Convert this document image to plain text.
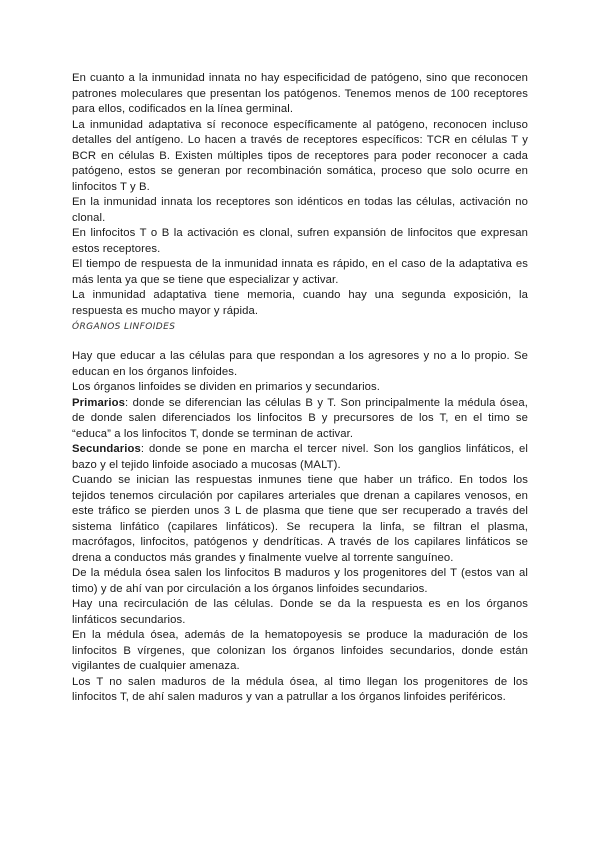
En cuanto a la inmunidad innata no hay especificidad de patógeno, sino que reconocen patrones moleculares que presentan los patógenos. Tenemos menos de 100 receptores para ellos, codificados en la línea germinal.

La inmunidad adaptativa sí reconoce específicamente al patógeno, reconocen incluso detalles del antígeno. Lo hacen a través de receptores específicos: TCR en células T y BCR en células B. Existen múltiples tipos de receptores para poder reconocer a cada patógeno, estos se generan por recombinación somática, proceso que solo ocurre en linfocitos T y B.

En la inmunidad innata los receptores son idénticos en todas las células, activación no clonal.

En linfocitos T o B la activación es clonal, sufren expansión de linfocitos que expresan estos receptores.

El tiempo de respuesta de la inmunidad innata es rápido, en el caso de la adaptativa es más lenta ya que se tiene que especializar y activar.

La inmunidad adaptativa tiene memoria, cuando hay una segunda exposición, la respuesta es mucho mayor y rápida.

ÓRGANOS LINFOIDES

Hay que educar a las células para que respondan a los agresores y no a lo propio. Se educan en los órganos linfoides.

Los órganos linfoides se dividen en primarios y secundarios.

Primarios: donde se diferencian las células B y T. Son principalmente la médula ósea, de donde salen diferenciados los linfocitos B y precursores de los T, en el timo se “educa” a los linfocitos T, donde se terminan de activar.

Secundarios: donde se pone en marcha el tercer nivel. Son los ganglios linfáticos, el bazo y el tejido linfoide asociado a mucosas (MALT).

Cuando se inician las respuestas inmunes tiene que haber un tráfico. En todos los tejidos tenemos circulación por capilares arteriales que drenan a capilares venosos, en este tráfico se pierden unos 3 L de plasma que tiene que ser recuperado a través del sistema linfático (capilares linfáticos). Se recupera la linfa, se filtran el plasma, macrófagos, linfocitos, patógenos y dendríticas. A través de los capilares linfáticos se drena a conductos más grandes y finalmente vuelve al torrente sanguíneo.

De la médula ósea salen los linfocitos B maduros y los progenitores del T (estos van al timo) y de ahí van por circulación a los órganos linfoides secundarios.

Hay una recirculación de las células. Donde se da la respuesta es en los órganos linfáticos secundarios.

En la médula ósea, además de la hematopoyesis se produce la maduración de los linfocitos B vírgenes, que colonizan los órganos linfoides secundarios, donde están vigilantes de cualquier amenaza.

Los T no salen maduros de la médula ósea, al timo llegan los progenitores de los linfocitos T, de ahí salen maduros y van a patrullar a los órganos linfoides periféricos.
